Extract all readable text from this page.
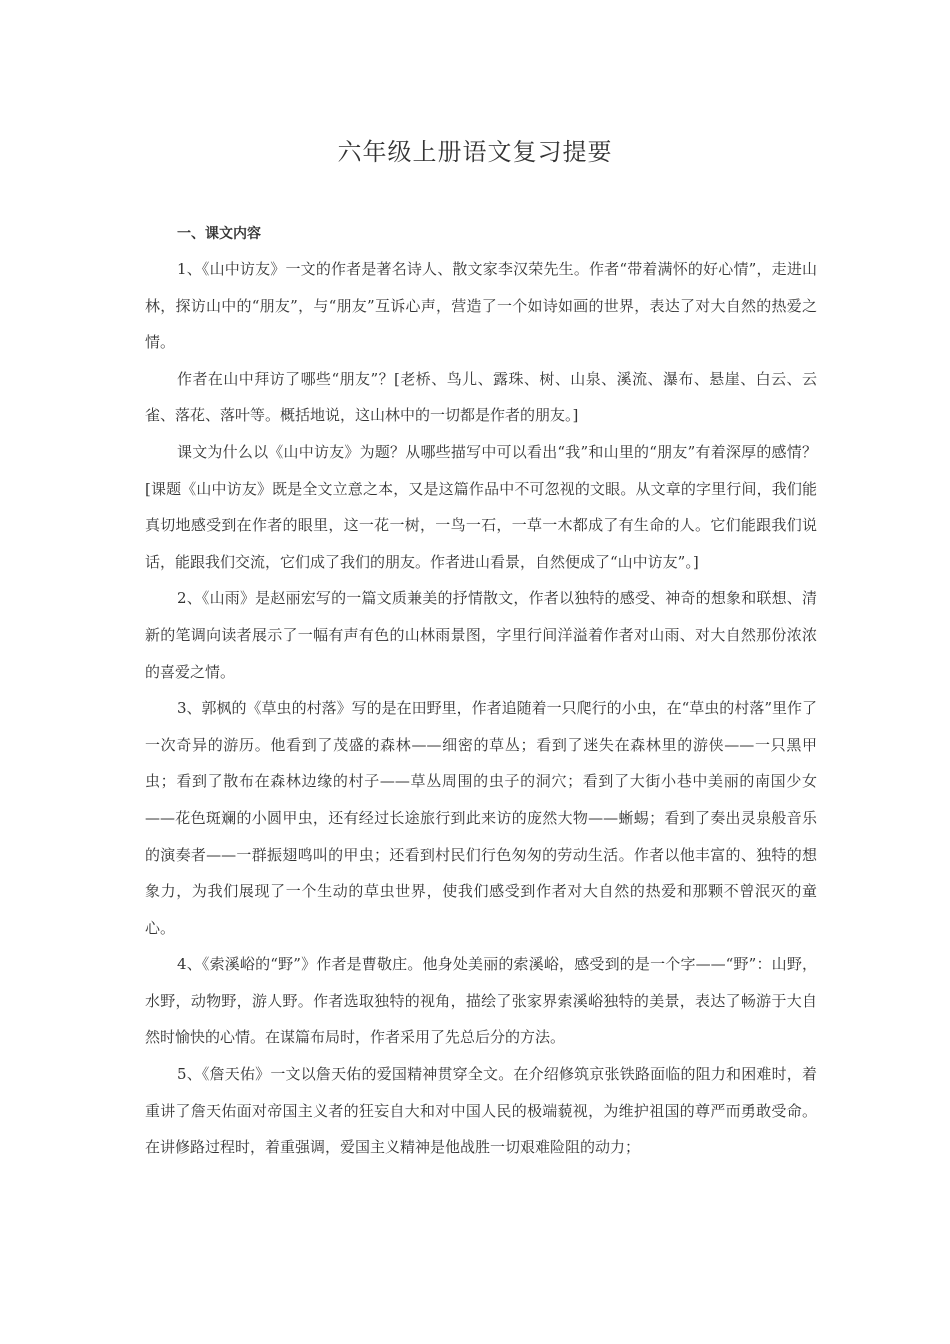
六年级上册语文复习提要

一、课文内容

1、《山中访友》一文的作者是著名诗人、散文家李汉荣先生。作者“带着满怀的好心情”，走进山林，探访山中的“朋友”，与“朋友”互诉心声，营造了一个如诗如画的世界，表达了对大自然的热爱之情。

作者在山中拜访了哪些“朋友”？[老桥、鸟儿、露珠、树、山泉、溪流、瀑布、悬崖、白云、云雀、落花、落叶等。概括地说，这山林中的一切都是作者的朋友。]

课文为什么以《山中访友》为题？从哪些描写中可以看出“我”和山里的“朋友”有着深厚的感情？[课题《山中访友》既是全文立意之本，又是这篇作品中不可忽视的文眼。从文章的字里行间，我们能真切地感受到在作者的眼里，这一花一树，一鸟一石，一草一木都成了有生命的人。它们能跟我们说话，能跟我们交流，它们成了我们的朋友。作者进山看景，自然便成了“山中访友”。]

2、《山雨》是赵丽宏写的一篇文质兼美的抒情散文，作者以独特的感受、神奇的想象和联想、清新的笔调向读者展示了一幅有声有色的山林雨景图，字里行间洋溢着作者对山雨、对大自然那份浓浓的喜爱之情。

3、郭枫的《草虫的村落》写的是在田野里，作者追随着一只爬行的小虫，在“草虫的村落”里作了一次奇异的游历。他看到了茂盛的森林——细密的草丛；看到了迷失在森林里的游侠——一只黑甲虫；看到了散布在森林边缘的村子——草丛周围的虫子的洞穴；看到了大街小巷中美丽的南国少女——花色斑斓的小圆甲虫，还有经过长途旅行到此来访的庞然大物——蜥蜴；看到了奏出灵泉般音乐的演奏者——一群振翅鸣叫的甲虫；还看到村民们行色匆匆的劳动生活。作者以他丰富的、独特的想象力，为我们展现了一个生动的草虫世界，使我们感受到作者对大自然的热爱和那颗不曾泯灭的童心。

4、《索溪峪的“野”》作者是曹敬庄。他身处美丽的索溪峪，感受到的是一个字——“野”：山野，水野，动物野，游人野。作者选取独特的视角，描绘了张家界索溪峪独特的美景，表达了畅游于大自然时愉快的心情。在谋篇布局时，作者采用了先总后分的方法。

5、《詹天佑》一文以詹天佑的爱国精神贯穿全文。在介绍修筑京张铁路面临的阻力和困难时，着重讲了詹天佑面对帝国主义者的狂妄自大和对中国人民的极端藐视，为维护祖国的尊严而勇敢受命。在讲修路过程时，着重强调，爱国主义精神是他战胜一切艰难险阻的动力；
